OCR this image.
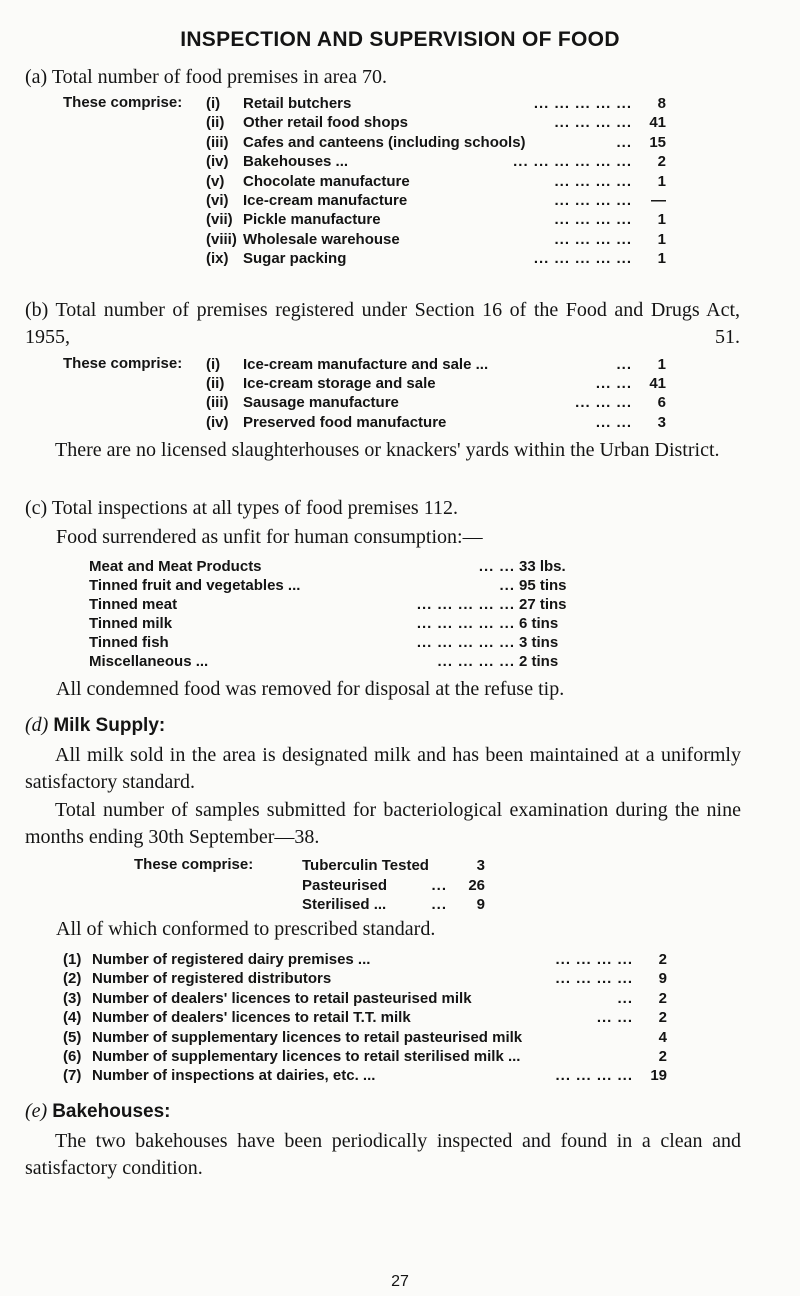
INSPECTION AND SUPERVISION OF FOOD
(a) Total number of food premises in area 70.
These comprise: (i) Retail butchers	... ... ... ... ...	8
(ii) Other retail food shops	... ... ... ...	41
(iii) Cafes and canteens (including schools)	...	15
(iv) Bakehouses ...	... ... ... ... ... ...	2
(v) Chocolate manufacture	... ... ... ...	1
(vi) Ice-cream manufacture	... ... ... ...	—
(vii) Pickle manufacture	... ... ... ...	1
(viii) Wholesale warehouse	... ... ... ...	1
(ix) Sugar packing	... ... ... ... ...	1
(b) Total number of premises registered under Section 16 of the Food and Drugs Act, 1955, 51.
These comprise: (i) Ice-cream manufacture and sale ...	...	1
(ii) Ice-cream storage and sale	... ...	41
(iii) Sausage manufacture	... ... ...	6
(iv) Preserved food manufacture	... ...	3
There are no licensed slaughterhouses or knackers' yards within the Urban District.
(c) Total inspections at all types of food premises 112.
Food surrendered as unfit for human consumption:—
Meat and Meat Products	... ... 33 lbs.
Tinned fruit and vegetables ...	... 95 tins
Tinned meat	... ... ... ... ... 27 tins
Tinned milk	... ... ... ... ... 6 tins
Tinned fish	... ... ... ... ... 3 tins
Miscellaneous ...	... ... ... ... 2 tins
All condemned food was removed for disposal at the refuse tip.
(d) Milk Supply:
All milk sold in the area is designated milk and has been maintained at a uniformly satisfactory standard.
Total number of samples submitted for bacteriological examination during the nine months ending 30th September—38.
These comprise:	Tuberculin Tested	3
Pasteurised	...	26
Sterilised ...	...	9
All of which conformed to prescribed standard.
(1) Number of registered dairy premises ...	... ... ... ...	2
(2) Number of registered distributors	... ... ... ...	9
(3) Number of dealers' licences to retail pasteurised milk	...	2
(4) Number of dealers' licences to retail T.T. milk	... ...	2
(5) Number of supplementary licences to retail pasteurised milk	4
(6) Number of supplementary licences to retail sterilised milk ...	2
(7) Number of inspections at dairies, etc. ...	... ... ... ...	19
(e) Bakehouses:
The two bakehouses have been periodically inspected and found in a clean and satisfactory condition.
27
